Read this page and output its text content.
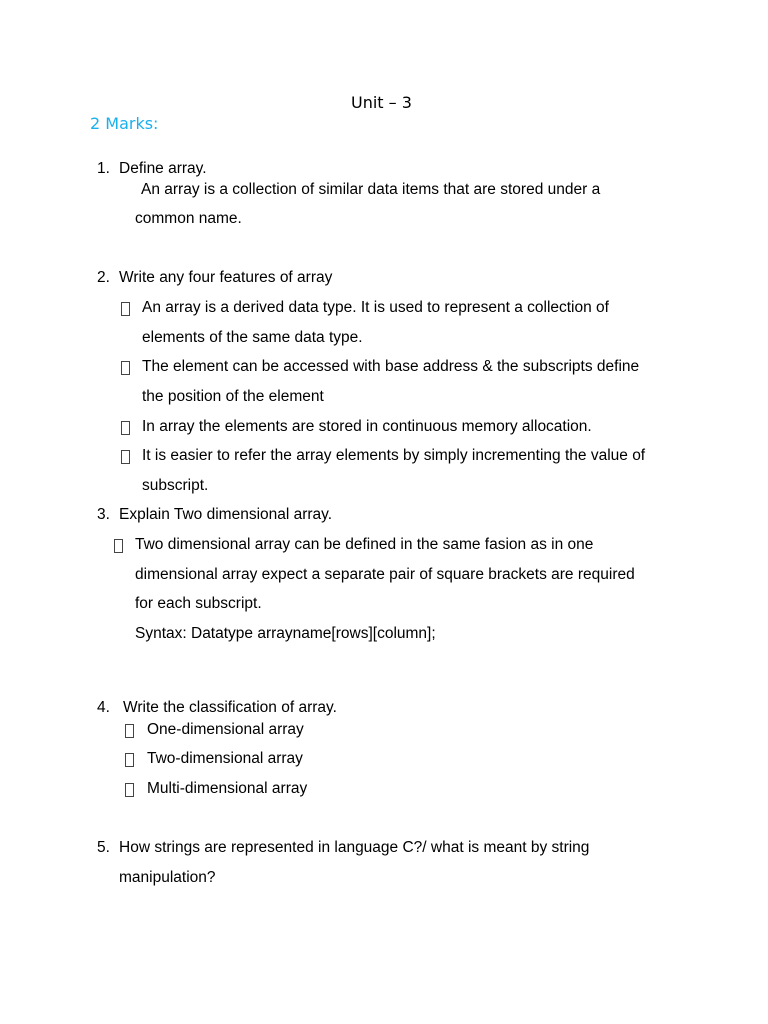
Unit – 3
2 Marks:
1. Define array.
An array is a collection of similar data items that are stored under a
common name.
2. Write any four features of array
An array is a derived data type. It is used to represent a collection of
elements of the same data type.
The element can be accessed with base address & the subscripts define
the position of the element
In array the elements are stored in continuous memory allocation.
It is easier to refer the array elements by simply incrementing the value of
subscript.
3. Explain Two dimensional array.
Two dimensional array can be defined in the same fasion as in one
dimensional array expect a separate pair of square brackets are required
for each subscript.
Syntax: Datatype arrayname[rows][column];
4. Write the classification of array.
One-dimensional array
Two-dimensional array
Multi-dimensional array
5. How strings are represented in language C?/ what is meant by string
manipulation?
